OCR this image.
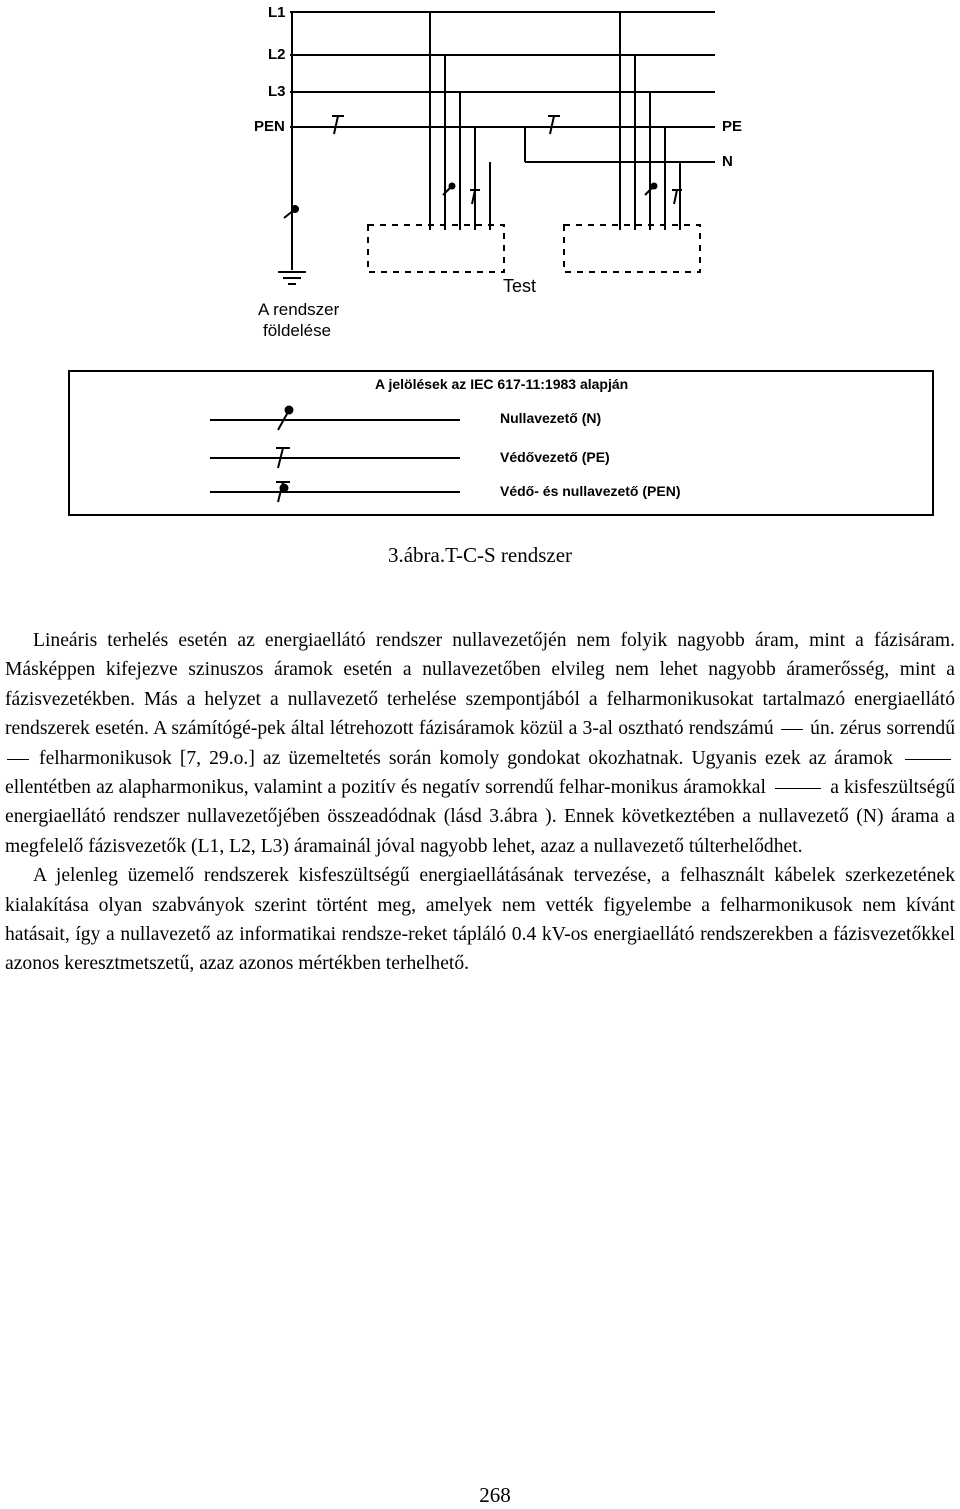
L1
L2
L3
PEN	PE
N
Test
A rendszer
földelése
A jelölések az IEC 617-11:1983 alapján
Nullavezető (N)
Védővezető (PE)
Védő- és nullavezető (PEN)
3.ábra.T-C-S rendszer

Lineáris terhelés esetén az energiaellátó rendszer nullavezetőjén nem folyik nagyobb áram, mint a fázisáram. Másképpen kifejezve szinuszos áramok esetén a nullavezetőben elvileg nem lehet nagyobb áramerősség, mint a fázisvezetékben. Más a helyzet a nullavezető terhelése szempontjából a felharmonikusokat tartalmazó energiaellátó rendszerek esetén. A számítógé-pek által létrehozott fázisáramok közül a 3-al osztható rendszámú ún. zérus sorrendű  felharmonikusok [7, 29.o.] az üzemeltetés során komoly gondokat okozhatnak. Ugyanis ezek az áramok  ellentétben az alapharmonikus, valamint a pozitív és negatív sorrendű felhar-monikus áramokkal	a kisfeszültségű energiaellátó rendszer nullavezetőjében összeadódnak (lásd 3.ábra ). Ennek következtében a nullavezető (N) árama a megfelelő fázisvezetők (L1, L2, L3) áramainál jóval nagyobb lehet, azaz a nullavezető túlterhelődhet.

A jelenleg üzemelő rendszerek kisfeszültségű energiaellátásának tervezése, a felhasznált kábelek szerkezetének kialakítása olyan szabványok szerint történt meg, amelyek nem vették figyelembe a felharmonikusok nem kívánt hatásait, így a nullavezető az informatikai rendsze-reket tápláló 0.4 kV-os energiaellátó rendszerekben a fázisvezetőkkel azonos keresztmetszetű, azaz azonos mértékben terhelhető.

268
